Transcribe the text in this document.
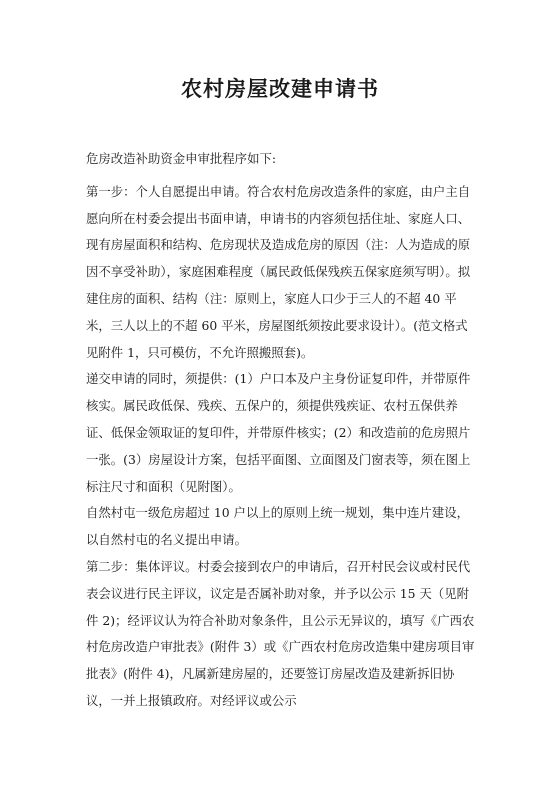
农村房屋改建申请书

危房改造补助资金申审批程序如下:

第一步：个人自愿提出申请。符合农村危房改造条件的家庭，由户主自愿向所在村委会提出书面申请，申请书的内容须包括住址、家庭人口、现有房屋面积和结构、危房现状及造成危房的原因（注：人为造成的原因不享受补助），家庭困难程度（属民政低保残疾五保家庭须写明）。拟建住房的面积、结构（注：原则上，家庭人口少于三人的不超 40 平米，三人以上的不超 60 平米，房屋图纸须按此要求设计）。(范文格式见附件 1，只可模仿，不允许照搬照套)。

递交申请的同时，须提供：(1）户口本及户主身份证复印件，并带原件核实。属民政低保、残疾、五保户的，须提供残疾证、农村五保供养证、低保金领取证的复印件，并带原件核实；(2）和改造前的危房照片一张。(3）房屋设计方案，包括平面图、立面图及门窗表等，须在图上标注尺寸和面积（见附图）。

自然村屯一级危房超过 10 户以上的原则上统一规划，集中连片建设，以自然村屯的名义提出申请。

第二步：集体评议。村委会接到农户的申请后，召开村民会议或村民代表会议进行民主评议，议定是否属补助对象，并予以公示 15 天（见附件 2)；经评议认为符合补助对象条件，且公示无异议的，填写《广西农村危房改造户审批表》(附件 3）或《广西农村危房改造集中建房项目审批表》(附件 4)，凡属新建房屋的，还要签订房屋改造及建新拆旧协议，一并上报镇政府。对经评议或公示
